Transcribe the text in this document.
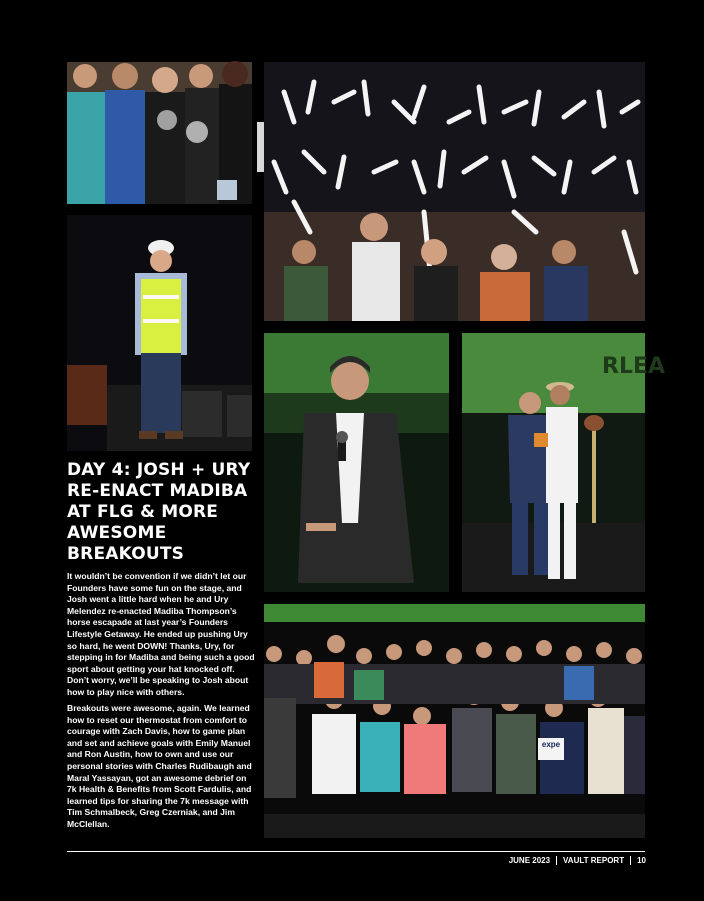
RLEA
expe
DAY 4: JOSH + URY RE-ENACT MADIBA AT FLG & MORE AWESOME BREAKOUTS

It wouldn’t be convention if we didn’t let our Founders have some fun on the stage, and Josh went a little hard when he and Ury Melendez re-enacted Madiba Thompson’s horse escapade at last year’s Founders Lifestyle Getaway. He ended up pushing Ury so hard, he went DOWN! Thanks, Ury, for stepping in for Madiba and being such a good sport about getting your hat knocked off. Don’t worry, we’ll be speaking to Josh about how to play nice with others.

Breakouts were awesome, again. We learned how to reset our thermostat from comfort to courage with Zach Davis, how to game plan and set and achieve goals with Emily Manuel and Ron Austin, how to own and use our personal stories with Charles Rudibaugh and Maral Yassayan, got an awesome debrief on 7k Health & Benefits from Scott Fardulis, and learned tips for sharing the 7k message with Tim Schmalbeck, Greg Czerniak, and Jim McClellan.

JUNE 2023 VAULT REPORT 10
